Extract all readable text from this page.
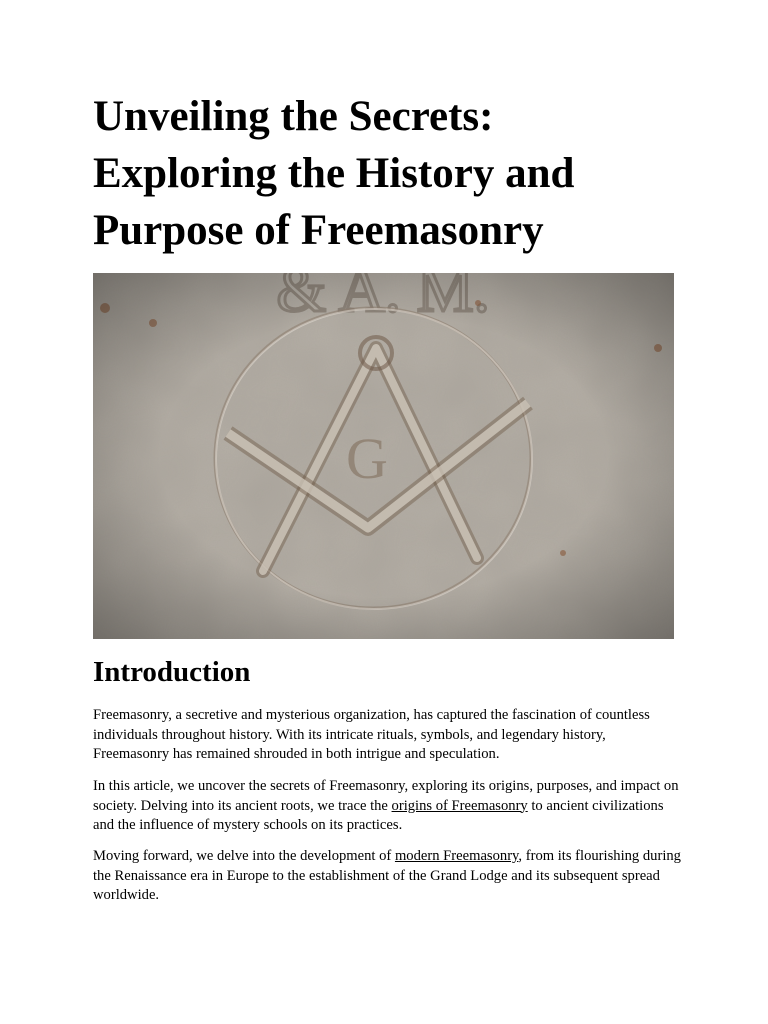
Unveiling the Secrets:
Exploring the History and
Purpose of Freemasonry
Introduction

Freemasonry, a secretive and mysterious organization, has captured the fascination of countless individuals throughout history. With its intricate rituals, symbols, and legendary history, Freemasonry has remained shrouded in both intrigue and speculation.

In this article, we uncover the secrets of Freemasonry, exploring its origins, purposes, and impact on society. Delving into its ancient roots, we trace the origins of Freemasonry to ancient civilizations and the influence of mystery schools on its practices.

Moving forward, we delve into the development of modern Freemasonry, from its flourishing during the Renaissance era in Europe to the establishment of the Grand Lodge and its subsequent spread worldwide.
